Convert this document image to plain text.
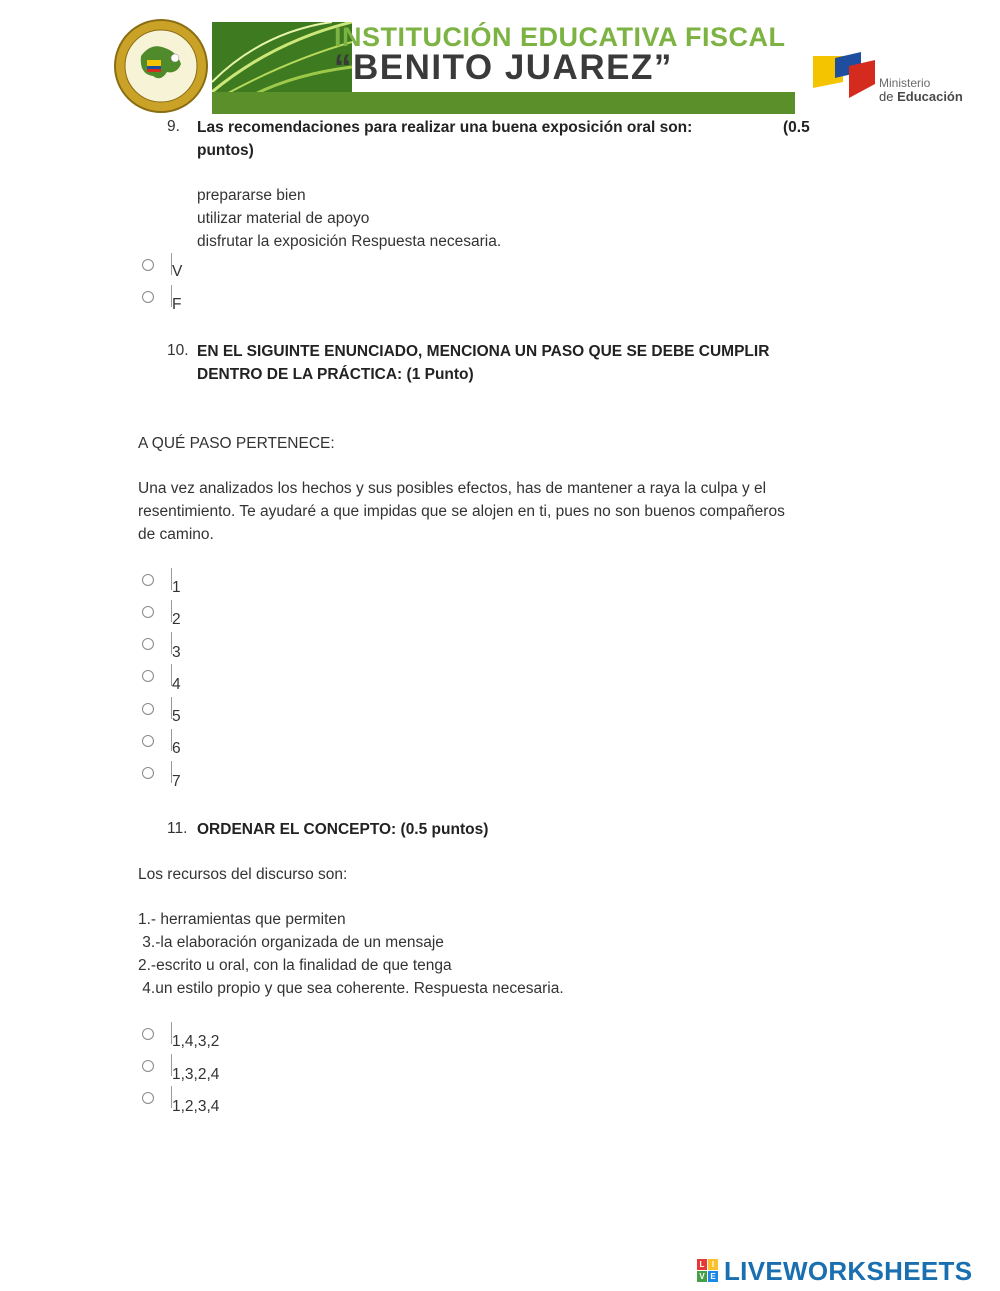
INSTITUCIÓN EDUCATIVA FISCAL
“BENITO JUAREZ”	Ministerio
de Educación
9. Las recomendaciones para realizar una buena exposición oral son:	(0.5
puntos)
prepararse bien
utilizar material de apoyo
disfrutar la exposición Respuesta necesaria.
V
F
10. EN EL SIGUINTE ENUNCIADO, MENCIONA UN PASO QUE SE DEBE CUMPLIR
DENTRO DE LA PRÁCTICA: (1 Punto)
A QUÉ PASO PERTENECE:
Una vez analizados los hechos y sus posibles efectos, has de mantener a raya la culpa y el
resentimiento. Te ayudaré a que impidas que se alojen en ti, pues no son buenos compañeros
de camino.
1
2
3
4
5
6
7
11. ORDENAR EL CONCEPTO: (0.5 puntos)
Los recursos del discurso son:
1.- herramientas que permiten
3.-la elaboración organizada de un mensaje
2.-escrito u oral, con la finalidad de que tenga
4.un estilo propio y que sea coherente. Respuesta necesaria.
1,4,3,2
1,3,2,4
1,2,3,4
L I
V E LIVEWORKSHEETS
